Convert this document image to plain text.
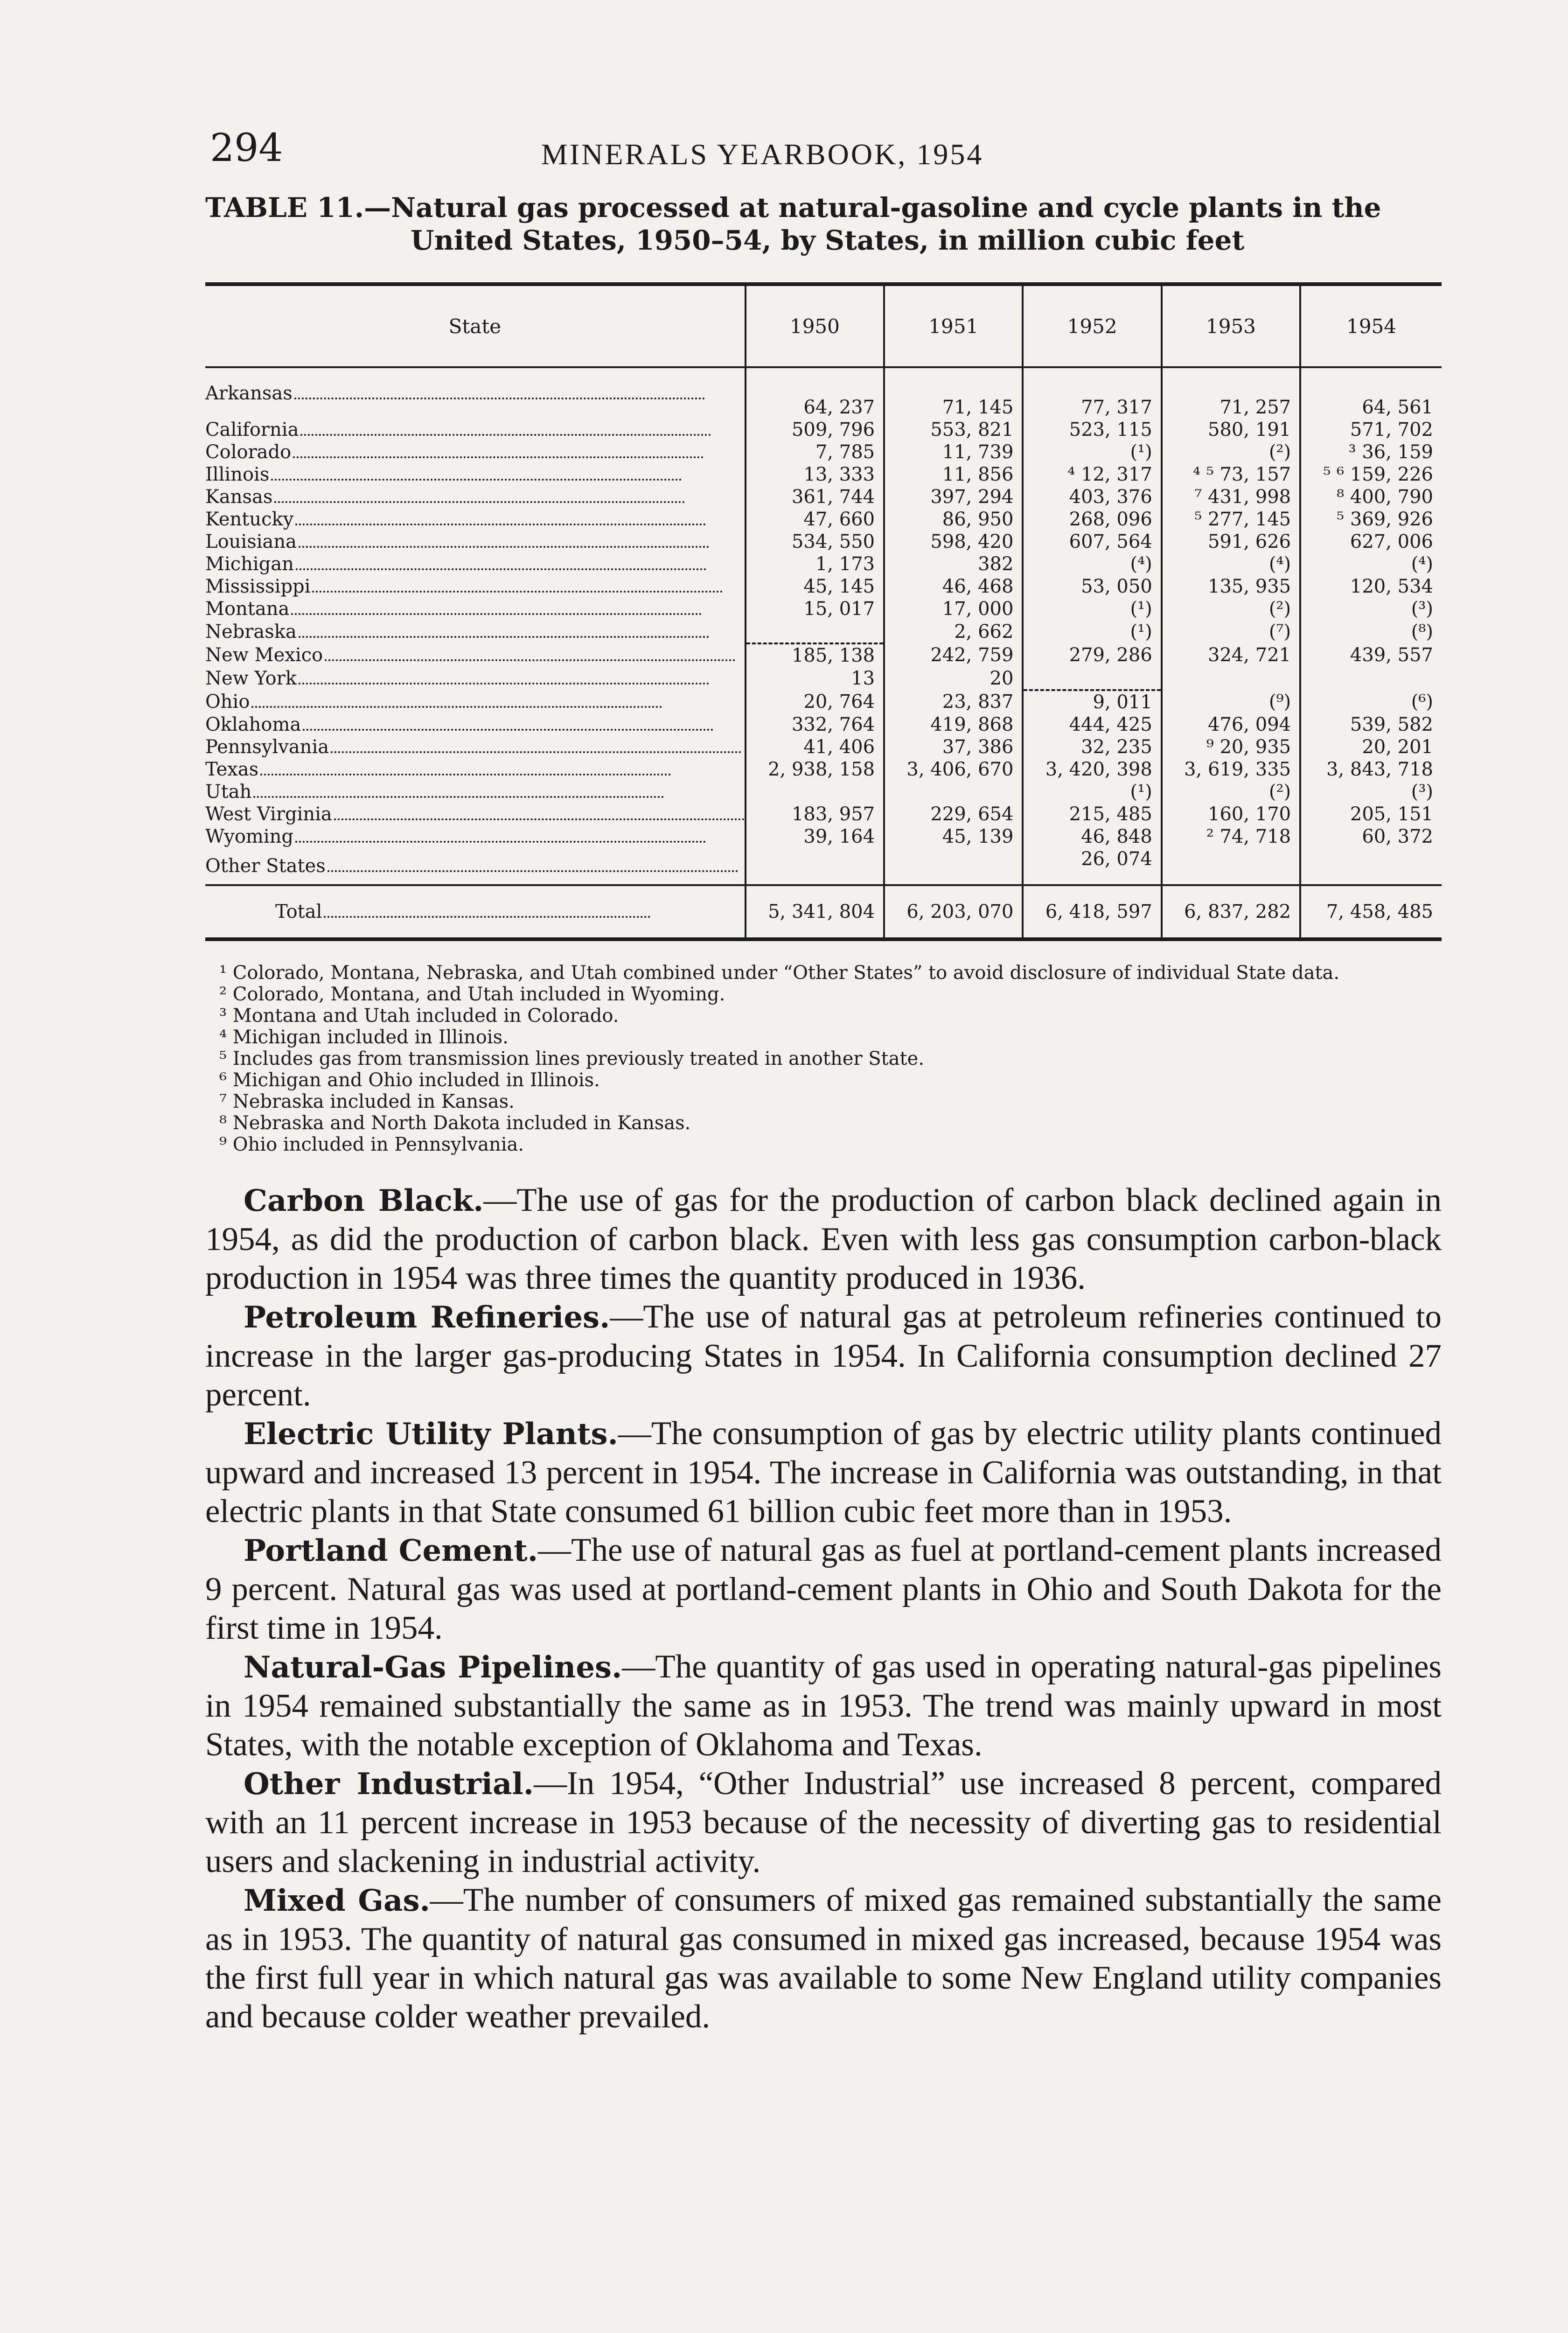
294	MINERALS YEARBOOK, 1954
TABLE 11.—Natural gas processed at natural-gasoline and cycle plants in the
United States, 1950–54, by States, in million cubic feet
State	1950	1951	1952	1953	1954
Arkansas	64, 237	71, 145	77, 317	71, 257	64, 561
California	509, 796	553, 821	523, 115	580, 191	571, 702
Colorado	7, 785	11, 739	(¹)	(²)	³ 36, 159
Illinois	13, 333	11, 856	⁴ 12, 317	⁴ ⁵ 73, 157	⁵ ⁶ 159, 226
Kansas	361, 744	397, 294	403, 376	⁷ 431, 998	⁸ 400, 790
Kentucky	47, 660	86, 950	268, 096	⁵ 277, 145	⁵ 369, 926
Louisiana	534, 550	598, 420	607, 564	591, 626	627, 006
Michigan	1, 173	382	(⁴)	(⁴)	(⁴)
Mississippi	45, 145	46, 468	53, 050	135, 935	120, 534
Montana	15, 017	17, 000	(¹)	(²)	(³)
Nebraska		2, 662	(¹)	(⁷)	(⁸)
New Mexico	185, 138	242, 759	279, 286	324, 721	439, 557
New York	13	20			
Ohio	20, 764	23, 837	9, 011	(⁹)	(⁶)
Oklahoma	332, 764	419, 868	444, 425	476, 094	539, 582
Pennsylvania	41, 406	37, 386	32, 235	⁹ 20, 935	20, 201
Texas	2, 938, 158	3, 406, 670	3, 420, 398	3, 619, 335	3, 843, 718
Utah			(¹)	(²)	(³)
West Virginia	183, 957	229, 654	215, 485	160, 170	205, 151
Wyoming	39, 164	45, 139	46, 848	² 74, 718	60, 372
Other States			26, 074		
Total	5, 341, 804	6, 203, 070	6, 418, 597	6, 837, 282	7, 458, 485

¹ Colorado, Montana, Nebraska, and Utah combined under “Other States” to avoid disclosure of individual State data.

² Colorado, Montana, and Utah included in Wyoming.

³ Montana and Utah included in Colorado.

⁴ Michigan included in Illinois.

⁵ Includes gas from transmission lines previously treated in another State.

⁶ Michigan and Ohio included in Illinois.

⁷ Nebraska included in Kansas.

⁸ Nebraska and North Dakota included in Kansas.

⁹ Ohio included in Pennsylvania.

Carbon Black.—The use of gas for the production of carbon black declined again in 1954, as did the production of carbon black. Even with less gas consumption carbon-black production in 1954 was three times the quantity produced in 1936.

Petroleum Refineries.—The use of natural gas at petroleum refineries continued to increase in the larger gas-producing States in 1954. In California consumption declined 27 percent.

Electric Utility Plants.—The consumption of gas by electric utility plants continued upward and increased 13 percent in 1954. The increase in California was outstanding, in that electric plants in that State consumed 61 billion cubic feet more than in 1953.

Portland Cement.—The use of natural gas as fuel at portland-cement plants increased 9 percent. Natural gas was used at portland-cement plants in Ohio and South Dakota for the first time in 1954.

Natural-Gas Pipelines.—The quantity of gas used in operating natural-gas pipelines in 1954 remained substantially the same as in 1953. The trend was mainly upward in most States, with the notable exception of Oklahoma and Texas.

Other Industrial.—In 1954, “Other Industrial” use increased 8 percent, compared with an 11 percent increase in 1953 because of the necessity of diverting gas to residential users and slackening in industrial activity.

Mixed Gas.—The number of consumers of mixed gas remained substantially the same as in 1953. The quantity of natural gas consumed in mixed gas increased, because 1954 was the first full year in which natural gas was available to some New England utility companies and because colder weather prevailed.
